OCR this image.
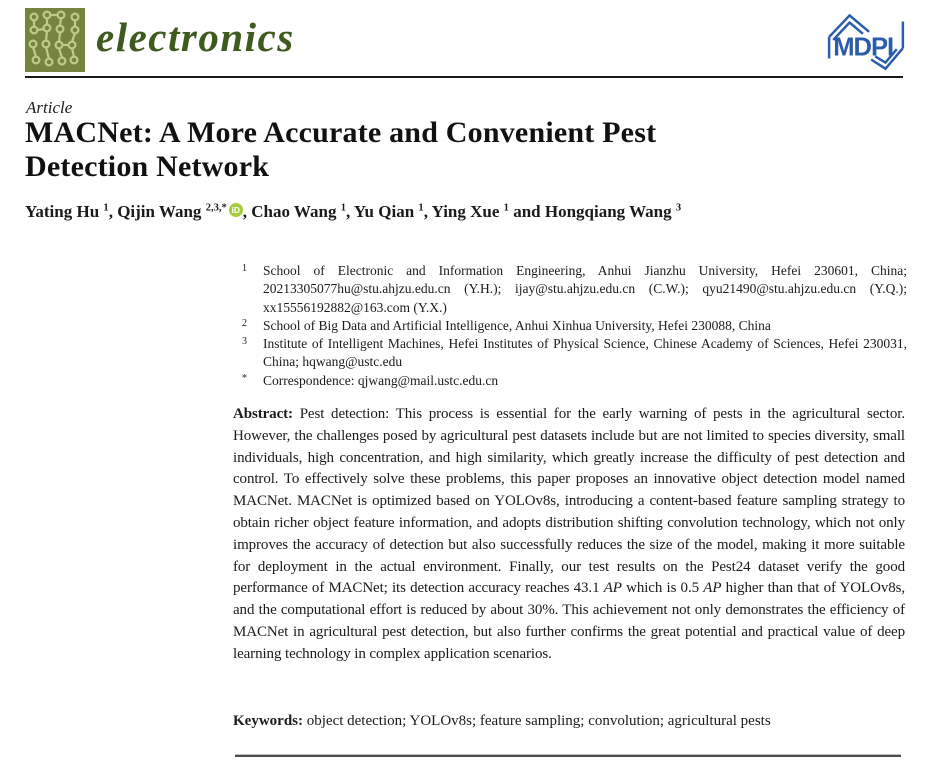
electronics	MDPI
Article
MACNet: A More Accurate and Convenient Pest Detection Network
Yating Hu $^1$, Qijin Wang $^{2,3,*}$ iD , Chao Wang $^1$, Yu Qian $^1$, Ying Xue $^1$ and Hongqiang Wang $^3$
1	School of Electronic and Information Engineering, Anhui Jianzhu University, Hefei 230601, China; 20213305077hu@stu.ahjzu.edu.cn (Y.H.); ijay@stu.ahjzu.edu.cn (C.W.); qyu21490@stu.ahjzu.edu.cn (Y.Q.); xx15556192882@163.com (Y.X.)
2	School of Big Data and Artificial Intelligence, Anhui Xinhua University, Hefei 230088, China
3	Institute of Intelligent Machines, Hefei Institutes of Physical Science, Chinese Academy of Sciences, Hefei 230031, China; hqwang@ustc.edu
*	Correspondence: qjwang@mail.ustc.edu.cn

Abstract: Pest detection: This process is essential for the early warning of pests in the agricultural sector. However, the challenges posed by agricultural pest datasets include but are not limited to species diversity, small individuals, high concentration, and high similarity, which greatly increase the difficulty of pest detection and control. To effectively solve these problems, this paper proposes an innovative object detection model named MACNet. MACNet is optimized based on YOLOv8s, introducing a content-based feature sampling strategy to obtain richer object feature information, and adopts distribution shifting convolution technology, which not only improves the accuracy of detection but also successfully reduces the size of the model, making it more suitable for deployment in the actual environment. Finally, our test results on the Pest24 dataset verify the good performance of MACNet; its detection accuracy reaches 43.1 AP which is 0.5 AP higher than that of YOLOv8s, and the computational effort is reduced by about 30%. This achievement not only demonstrates the efficiency of MACNet in agricultural pest detection, but also further confirms the great potential and practical value of deep learning technology in complex application scenarios.

Keywords: object detection; YOLOv8s; feature sampling; convolution; agricultural pests
